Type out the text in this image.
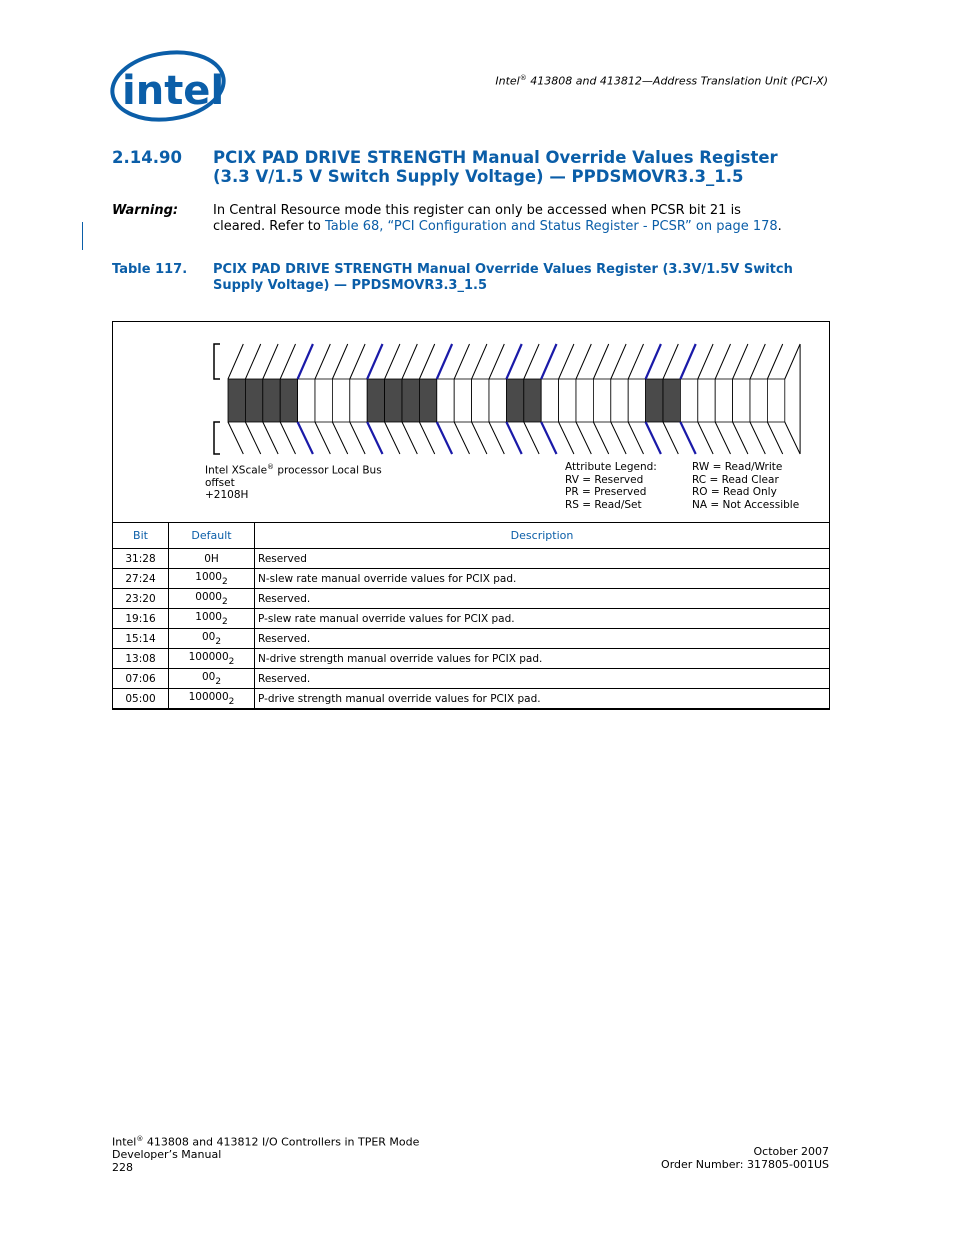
intel	Intel® 413808 and 413812—Address Translation Unit (PCI-X)
2.14.90 PCIX PAD DRIVE STRENGTH Manual Override Values Register
(3.3 V/1.5 V Switch Supply Voltage) — PPDSMOVR3.3_1.5
Warning:	In Central Resource mode this register can only be accessed when PCSR bit 21 is cleared. Refer to Table 68, “PCI Configuration and Status Register - PCSR” on page 178.
Table 117. PCIX PAD DRIVE STRENGTH Manual Override Values Register (3.3V/1.5V Switch
Supply Voltage) — PPDSMOVR3.3_1.5
Intel XScale® processor Local Bus
offset
+2108H
Attribute Legend:
RV = Reserved
PR = Preserved
RS = Read/Set
RW = Read/Write
RC = Read Clear
RO = Read Only
NA = Not Accessible
Bit	Default	Description
31:28	0H	Reserved
27:24	$1000_2$	N-slew rate manual override values for PCIX pad.
23:20	$0000_2$	Reserved.
19:16	$1000_2$	P-slew rate manual override values for PCIX pad.
15:14	$00_2$	Reserved.
13:08	$100000_2$	N-drive strength manual override values for PCIX pad.
07:06	$00_2$	Reserved.
05:00	$100000_2$	P-drive strength manual override values for PCIX pad.
Intel® 413808 and 413812 I/O Controllers in TPER Mode
Developer’s Manual
228
October 2007
Order Number: 317805-001US
